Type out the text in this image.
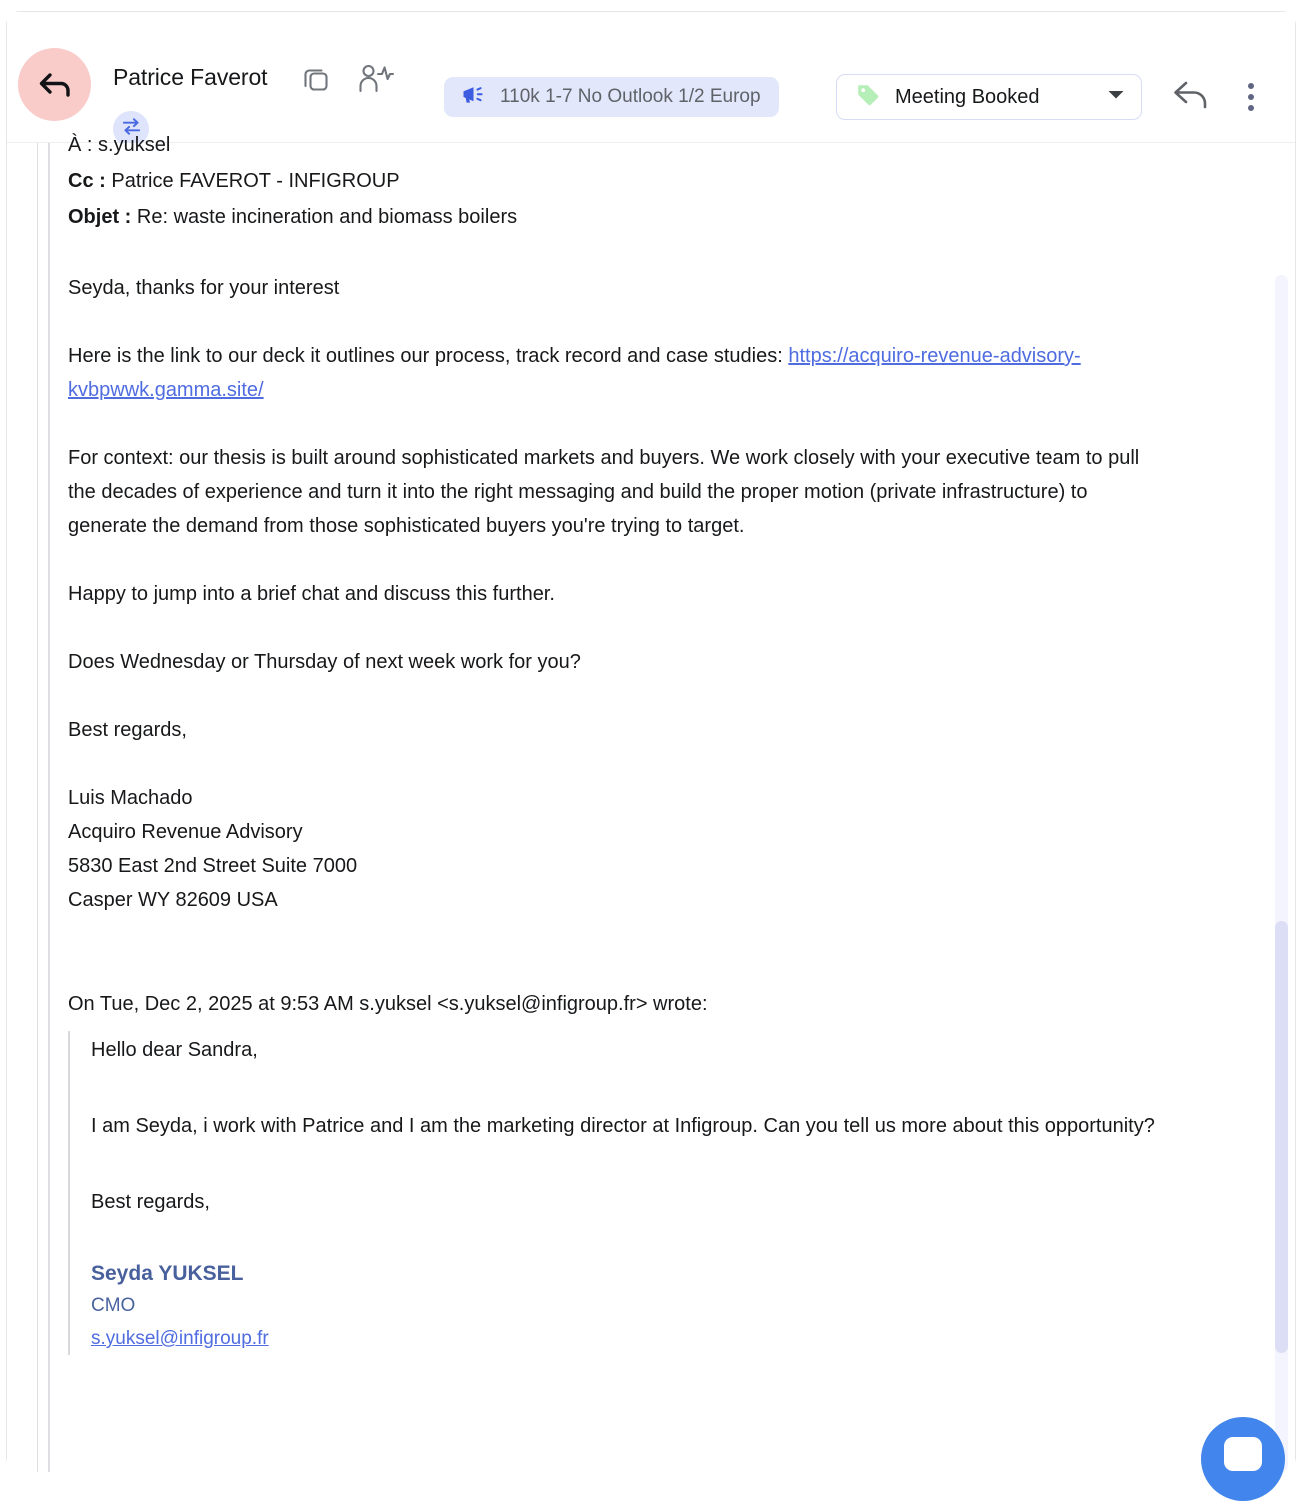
Patrice Faverot
110k 1-7 No Outlook 1/2 Europ	Meeting Booked
À : s.yuksel
Cc : Patrice FAVEROT - INFIGROUP
Objet : Re: waste incineration and biomass boilers

Seyda, thanks for your interest

Here is the link to our deck it outlines our process, track record and case studies: https://acquiro-revenue-advisory-kvbpwwk.gamma.site/

For context: our thesis is built around sophisticated markets and buyers. We work closely with your executive team to pull the decades of experience and turn it into the right messaging and build the proper motion (private infrastructure) to generate the demand from those sophisticated buyers you're trying to target.

Happy to jump into a brief chat and discuss this further.

Does Wednesday or Thursday of next week work for you?

Best regards,

Luis Machado

Acquiro Revenue Advisory

5830 East 2nd Street Suite 7000

Casper WY 82609 USA

On Tue, Dec 2, 2025 at 9:53 AM s.yuksel <s.yuksel@infigroup.fr> wrote:

Hello dear Sandra,

I am Seyda, i work with Patrice and I am the marketing director at Infigroup. Can you tell us more about this opportunity?

Best regards,

Seyda YUKSEL
CMO
s.yuksel@infigroup.fr
